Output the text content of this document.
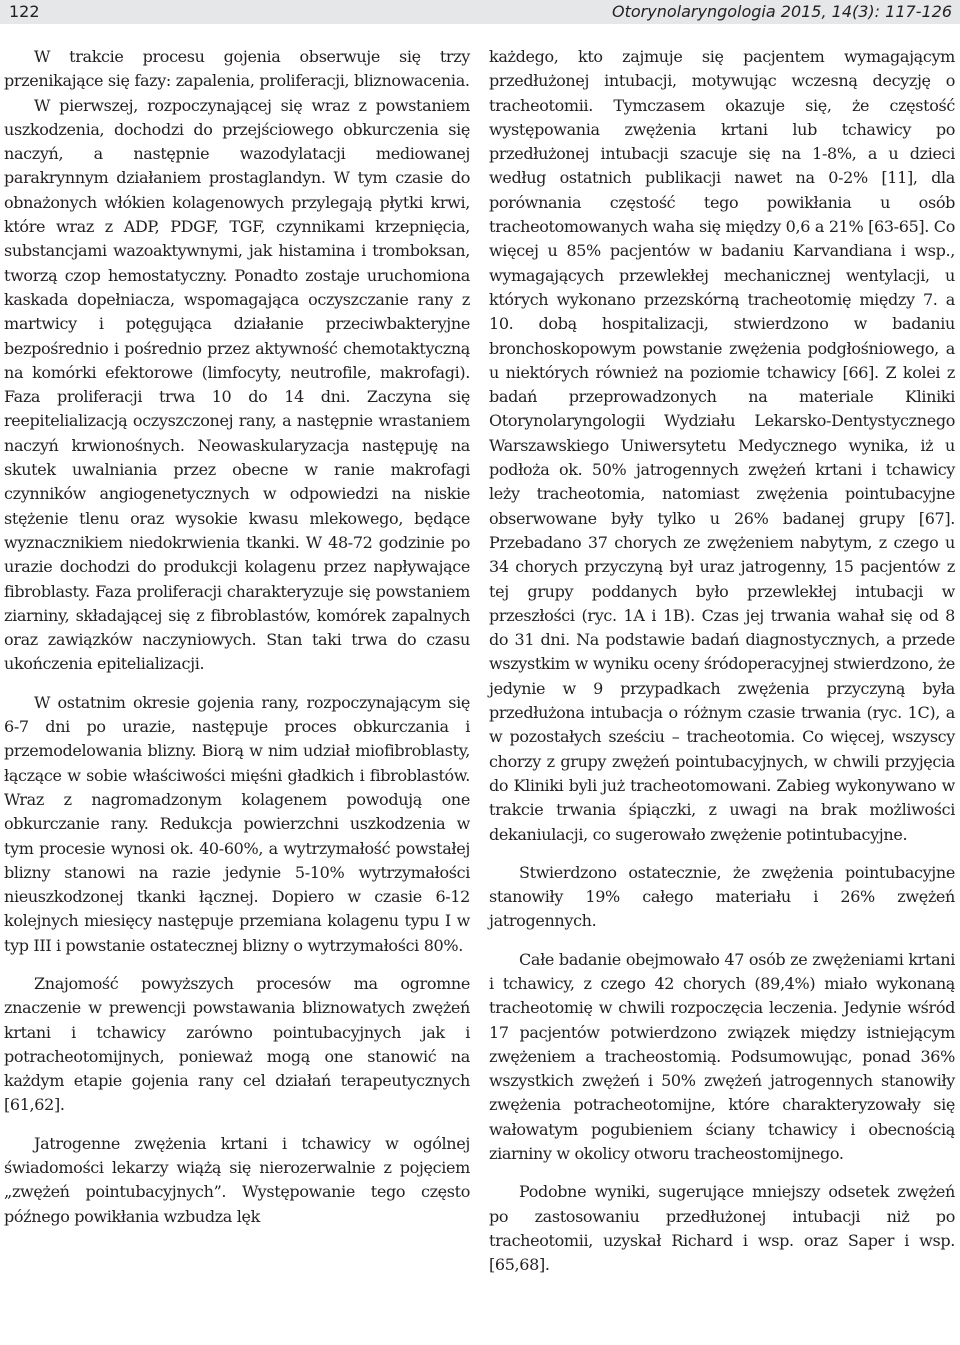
122	Otorynolaryngologia 2015, 14(3): 117-126

W trakcie procesu gojenia obserwuje się trzy przenikające się fazy: zapalenia, proliferacji, bliznowacenia.

W pierwszej, rozpoczynającej się wraz z powstaniem uszkodzenia, dochodzi do przejściowego obkurczenia się naczyń, a następnie wazodylatacji mediowanej parakrynnym działaniem prostaglandyn. W tym czasie do obnażonych włókien kolagenowych przylegają płytki krwi, które wraz z ADP, PDGF, TGF, czynnikami krzepnięcia, substancjami wazoaktywnymi, jak histamina i tromboksan, tworzą czop hemostatyczny. Ponadto zostaje uruchomiona kaskada dopełniacza, wspomagająca oczyszczanie rany z martwicy i potęgująca działanie przeciwbakteryjne bezpośrednio i pośrednio przez aktywność chemotaktyczną na komórki efektorowe (limfocyty, neutrofile, makrofagi). Faza proliferacji trwa 10 do 14 dni. Zaczyna się reepitelializacją oczyszczonej rany, a następnie wrastaniem naczyń krwionośnych. Neowaskularyzacja następuję na skutek uwalniania przez obecne w ranie makrofagi czynników angiogenetycznych w odpowiedzi na niskie stężenie tlenu oraz wysokie kwasu mlekowego, będące wyznacznikiem niedokrwienia tkanki. W 48-72 godzinie po urazie dochodzi do produkcji kolagenu przez napływające fibroblasty. Faza proliferacji charakteryzuje się powstaniem ziarniny, składającej się z fibroblastów, komórek zapalnych oraz zawiązków naczyniowych. Stan taki trwa do czasu ukończenia epitelializacji.

W ostatnim okresie gojenia rany, rozpoczynającym się 6-7 dni po urazie, następuje proces obkurczania i przemodelowania blizny. Biorą w nim udział miofibroblasty, łączące w sobie właściwości mięśni gładkich i fibroblastów. Wraz z nagromadzonym kolagenem powodują one obkurczanie rany. Redukcja powierzchni uszkodzenia w tym procesie wynosi ok. 40-60%, a wytrzymałość powstałej blizny stanowi na razie jedynie 5-10% wytrzymałości nieuszkodzonej tkanki łącznej. Dopiero w czasie 6-12 kolejnych miesięcy następuje przemiana kolagenu typu I w typ III i powstanie ostatecznej blizny o wytrzymałości 80%.

Znajomość powyższych procesów ma ogromne znaczenie w prewencji powstawania bliznowatych zwężeń krtani i tchawicy zarówno pointubacyjnych jak i potracheotomijnych, ponieważ mogą one stanowić na każdym etapie gojenia rany cel działań terapeutycznych [61,62].

Jatrogenne zwężenia krtani i tchawicy w ogólnej świadomości lekarzy wiążą się nierozerwalnie z pojęciem „zwężeń pointubacyjnych”. Występowanie tego często późnego powikłania wzbudza lęk

każdego, kto zajmuje się pacjentem wymagającym przedłużonej intubacji, motywując wczesną decyzję o tracheotomii. Tymczasem okazuje się, że częstość występowania zwężenia krtani lub tchawicy po przedłużonej intubacji szacuje się na 1-8%, a u dzieci według ostatnich publikacji nawet na 0-2% [11], dla porównania częstość tego powikłania u osób tracheotomowanych waha się między 0,6 a 21% [63-65]. Co więcej u 85% pacjentów w badaniu Karvandiana i wsp., wymagających przewlekłej mechanicznej wentylacji, u których wykonano przezskórną tracheotomię między 7. a 10. dobą hospitalizacji, stwierdzono w badaniu bronchoskopowym powstanie zwężenia podgłośniowego, a u niektórych również na poziomie tchawicy [66]. Z kolei z badań przeprowadzonych na materiale Kliniki Otorynolaryngologii Wydziału Lekarsko-Dentystycznego Warszawskiego Uniwersytetu Medycznego wynika, iż u podłoża ok. 50% jatrogennych zwężeń krtani i tchawicy leży tracheotomia, natomiast zwężenia pointubacyjne obserwowane były tylko u 26% badanej grupy [67]. Przebadano 37 chorych ze zwężeniem nabytym, z czego u 34 chorych przyczyną był uraz jatrogenny, 15 pacjentów z tej grupy poddanych było przewlekłej intubacji w przeszłości (ryc. 1A i 1B). Czas jej trwania wahał się od 8 do 31 dni. Na podstawie badań diagnostycznych, a przede wszystkim w wyniku oceny śródoperacyjnej stwierdzono, że jedynie w 9 przypadkach zwężenia przyczyną była przedłużona intubacja o różnym czasie trwania (ryc. 1C), a w pozostałych sześciu – tracheotomia. Co więcej, wszyscy chorzy z grupy zwężeń pointubacyjnych, w chwili przyjęcia do Kliniki byli już tracheotomowani. Zabieg wykonywano w trakcie trwania śpiączki, z uwagi na brak możliwości dekaniulacji, co sugerowało zwężenie potintubacyjne.

Stwierdzono ostatecznie, że zwężenia pointubacyjne stanowiły 19% całego materiału i 26% zwężeń jatrogennych.

Całe badanie obejmowało 47 osób ze zwężeniami krtani i tchawicy, z czego 42 chorych (89,4%) miało wykonaną tracheotomię w chwili rozpoczęcia leczenia. Jedynie wśród 17 pacjentów potwierdzono związek między istniejącym zwężeniem a tracheostomią. Podsumowując, ponad 36% wszystkich zwężeń i 50% zwężeń jatrogennych stanowiły zwężenia potracheotomijne, które charakteryzowały się wałowatym pogubieniem ściany tchawicy i obecnością ziarniny w okolicy otworu tracheostomijnego.

Podobne wyniki, sugerujące mniejszy odsetek zwężeń po zastosowaniu przedłużonej intubacji niż po tracheotomii, uzyskał Richard i wsp. oraz Saper i wsp. [65,68].
